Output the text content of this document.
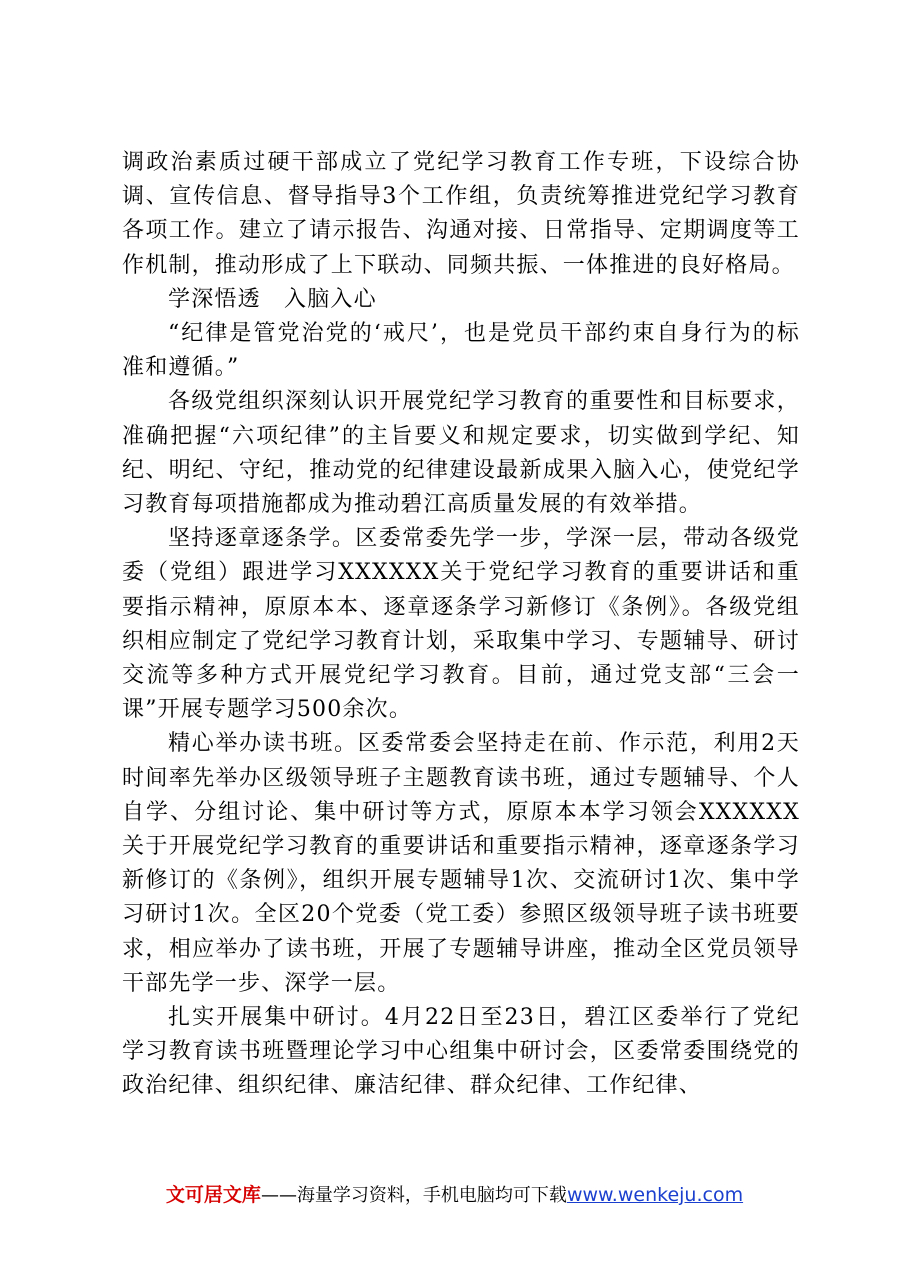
调政治素质过硬干部成立了党纪学习教育工作专班，下设综合协调、宣传信息、督导指导3个工作组，负责统筹推进党纪学习教育各项工作。建立了请示报告、沟通对接、日常指导、定期调度等工作机制，推动形成了上下联动、同频共振、一体推进的良好格局。

学深悟透　入脑入心

“纪律是管党治党的‘戒尺’，也是党员干部约束自身行为的标准和遵循。”

各级党组织深刻认识开展党纪学习教育的重要性和目标要求，准确把握“六项纪律”的主旨要义和规定要求，切实做到学纪、知纪、明纪、守纪，推动党的纪律建设最新成果入脑入心，使党纪学习教育每项措施都成为推动碧江高质量发展的有效举措。

坚持逐章逐条学。区委常委先学一步，学深一层，带动各级党委（党组）跟进学习XXXXXX关于党纪学习教育的重要讲话和重要指示精神，原原本本、逐章逐条学习新修订《条例》。各级党组织相应制定了党纪学习教育计划，采取集中学习、专题辅导、研讨交流等多种方式开展党纪学习教育。目前，通过党支部“三会一课”开展专题学习500余次。

精心举办读书班。区委常委会坚持走在前、作示范，利用2天时间率先举办区级领导班子主题教育读书班，通过专题辅导、个人自学、分组讨论、集中研讨等方式，原原本本学习领会XXXXXX关于开展党纪学习教育的重要讲话和重要指示精神，逐章逐条学习新修订的《条例》，组织开展专题辅导1次、交流研讨1次、集中学习研讨1次。全区20个党委（党工委）参照区级领导班子读书班要求，相应举办了读书班，开展了专题辅导讲座，推动全区党员领导干部先学一步、深学一层。

扎实开展集中研讨。4月22日至23日，碧江区委举行了党纪学习教育读书班暨理论学习中心组集中研讨会，区委常委围绕党的政治纪律、组织纪律、廉洁纪律、群众纪律、工作纪律、

文可居文库——海量学习资料，手机电脑均可下载www.wenkeju.com
